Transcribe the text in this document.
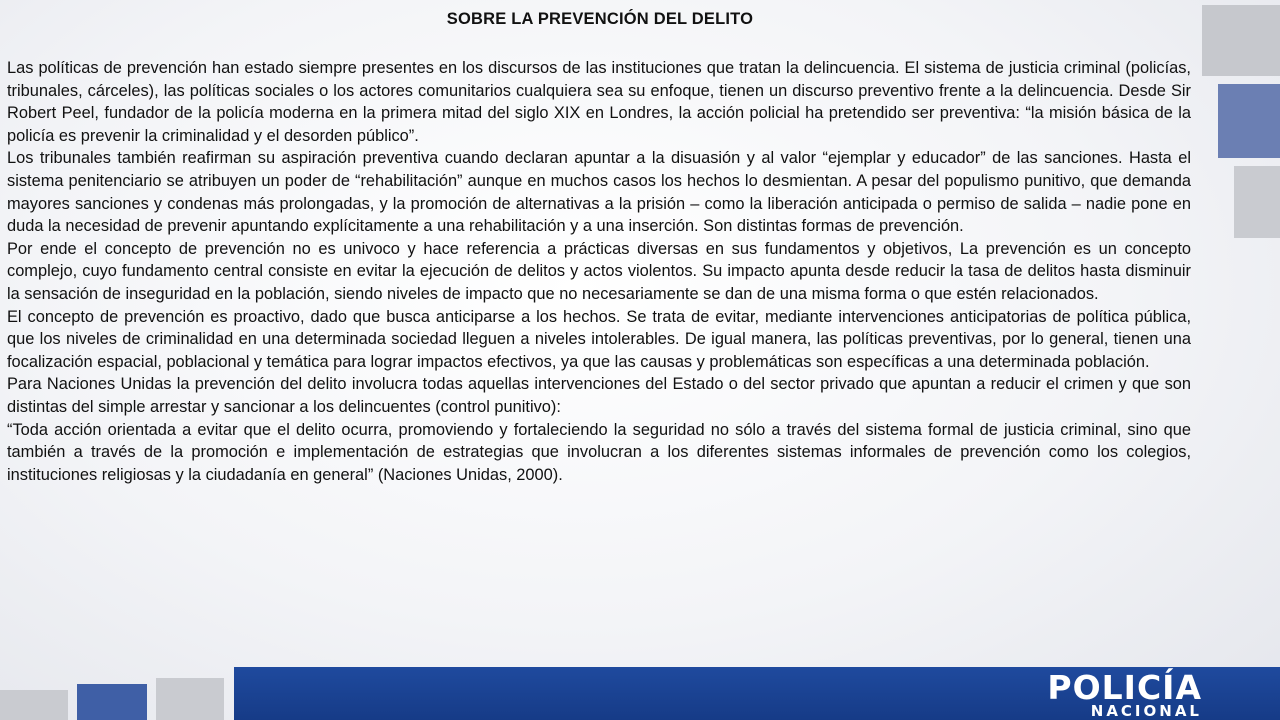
SOBRE LA PREVENCIÓN DEL DELITO

Las políticas de prevención han estado siempre presentes en los discursos de las instituciones que tratan la delincuencia. El sistema de justicia criminal (policías, tribunales, cárceles), las políticas sociales o los actores comunitarios cualquiera sea su enfoque, tienen un discurso preventivo frente a la delincuencia. Desde Sir Robert Peel, fundador de la policía moderna en la primera mitad del siglo XIX en Londres, la acción policial ha pretendido ser preventiva: “la misión básica de la policía es prevenir la criminalidad y el desorden público”.

Los tribunales también reafirman su aspiración preventiva cuando declaran apuntar a la disuasión y al valor “ejemplar y educador” de las sanciones. Hasta el sistema penitenciario se atribuyen un poder de “rehabilitación” aunque en muchos casos los hechos lo desmientan. A pesar del populismo punitivo, que demanda mayores sanciones y condenas más prolongadas, y la promoción de alternativas a la prisión – como la liberación anticipada o permiso de salida – nadie pone en duda la necesidad de prevenir apuntando explícitamente a una rehabilitación y a una inserción. Son distintas formas de prevención.

Por ende el concepto de prevención no es univoco y hace referencia a prácticas diversas en sus fundamentos y objetivos, La prevención es un concepto complejo, cuyo fundamento central consiste en evitar la ejecución de delitos y actos violentos. Su impacto apunta desde reducir la tasa de delitos hasta disminuir la sensación de inseguridad en la población, siendo niveles de impacto que no necesariamente se dan de una misma forma o que estén relacionados.

El concepto de prevención es proactivo, dado que busca anticiparse a los hechos. Se trata de evitar, mediante intervenciones anticipatorias de política pública, que los niveles de criminalidad en una determinada sociedad lleguen a niveles intolerables. De igual manera, las políticas preventivas, por lo general, tienen una focalización espacial, poblacional y temática para lograr impactos efectivos, ya que las causas y problemáticas son específicas a una determinada población.

Para Naciones Unidas la prevención del delito involucra todas aquellas intervenciones del Estado o del sector privado que apuntan a reducir el crimen y que son distintas del simple arrestar y sancionar a los delincuentes (control punitivo):

“Toda acción orientada a evitar que el delito ocurra, promoviendo y fortaleciendo la seguridad no sólo a través del sistema formal de justicia criminal, sino que también a través de la promoción e implementación de estrategias que involucran a los diferentes sistemas informales de prevención como los colegios, instituciones religiosas y la ciudadanía en general” (Naciones Unidas, 2000).

POLICÍA
NACIONAL
